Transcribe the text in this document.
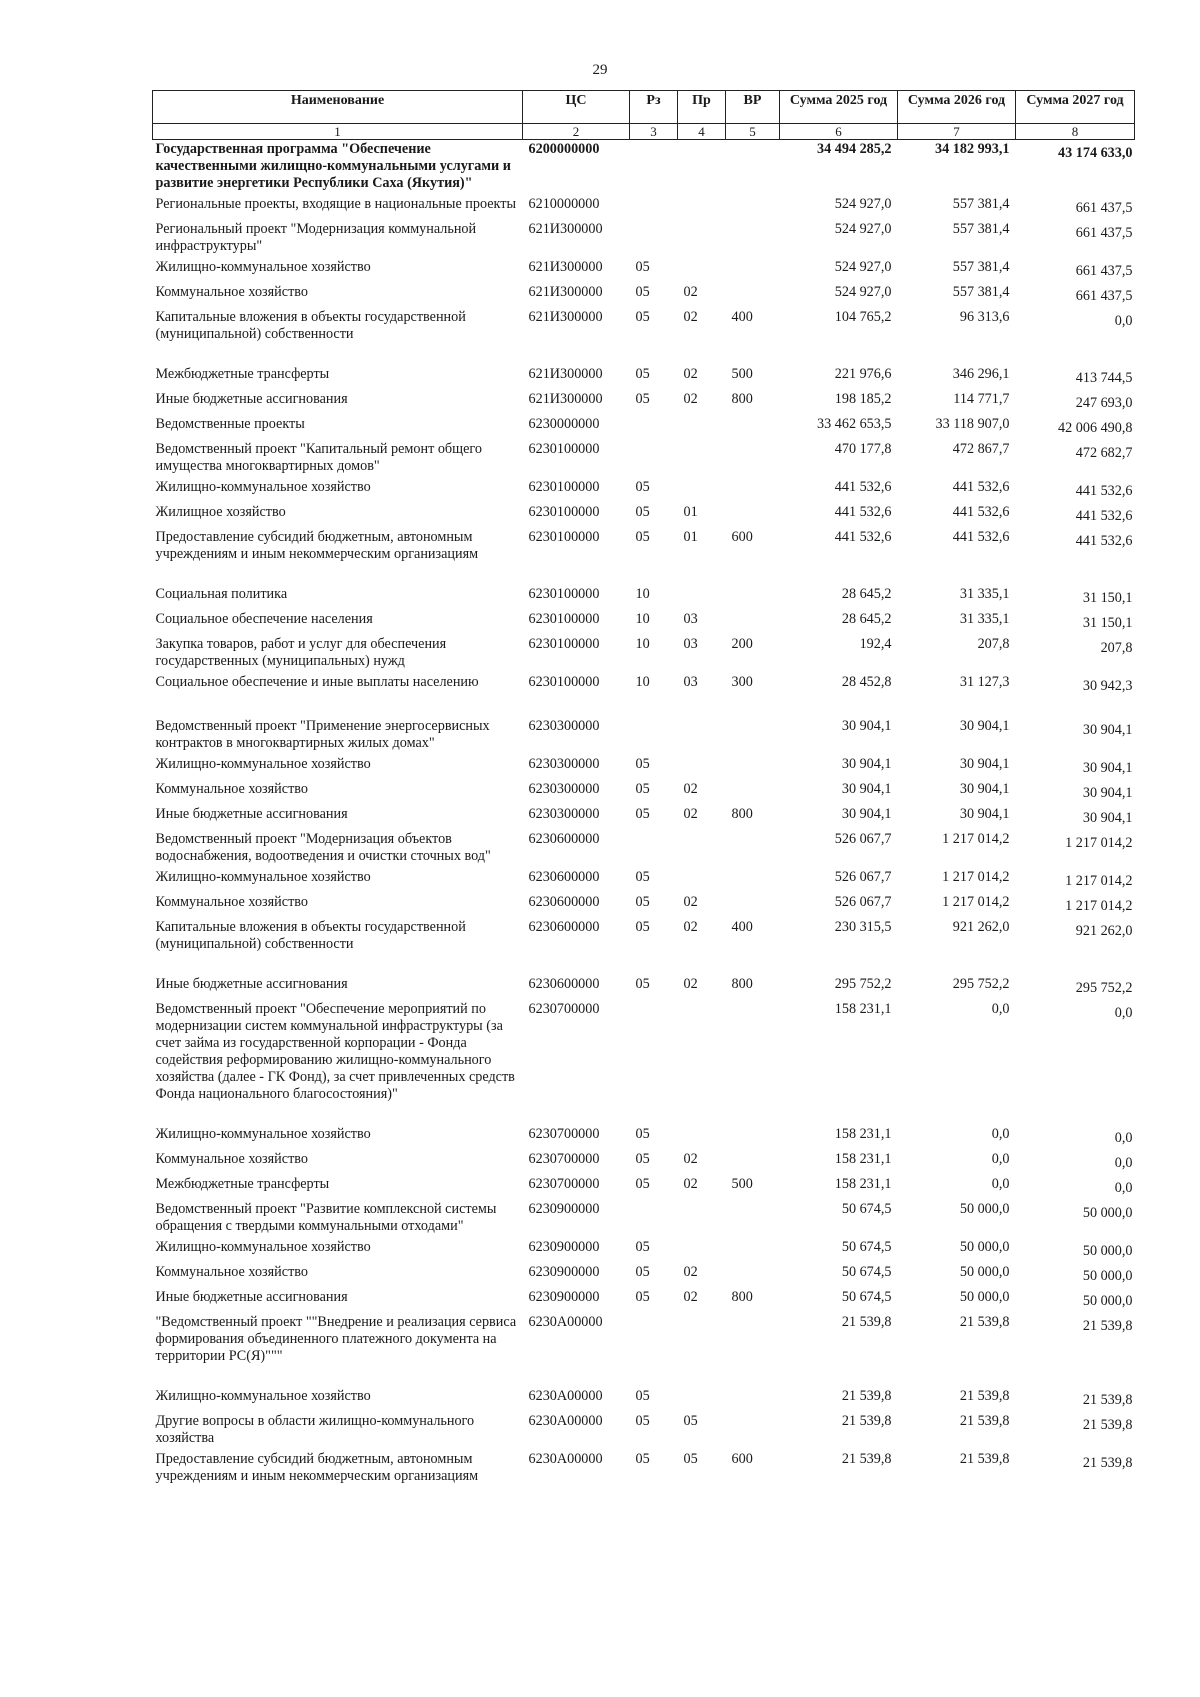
29
Наименование	ЦС	Рз	Пр	ВР	Сумма 2025 год	Сумма 2026 год	Сумма 2027 год
1	2	3	4	5	6	7	8
Государственная программа "Обеспечение качественными жилищно-коммунальными услугами и развитие энергетики Республики Саха (Якутия)"	6200000000				34 494 285,2	34 182 993,1	43 174 633,0
Региональные проекты, входящие в национальные проекты	6210000000				524 927,0	557 381,4	661 437,5
Региональный проект "Модернизация коммунальной инфраструктуры"	621И300000				524 927,0	557 381,4	661 437,5
Жилищно-коммунальное хозяйство	621И300000	05			524 927,0	557 381,4	661 437,5
Коммунальное хозяйство	621И300000	05	02		524 927,0	557 381,4	661 437,5
Капитальные вложения в объекты государственной (муниципальной) собственности	621И300000	05	02	400	104 765,2	96 313,6	0,0
Межбюджетные трансферты	621И300000	05	02	500	221 976,6	346 296,1	413 744,5
Иные бюджетные ассигнования	621И300000	05	02	800	198 185,2	114 771,7	247 693,0
Ведомственные проекты	6230000000				33 462 653,5	33 118 907,0	42 006 490,8
Ведомственный проект "Капитальный ремонт общего имущества многоквартирных домов"	6230100000				470 177,8	472 867,7	472 682,7
Жилищно-коммунальное хозяйство	6230100000	05			441 532,6	441 532,6	441 532,6
Жилищное хозяйство	6230100000	05	01		441 532,6	441 532,6	441 532,6
Предоставление субсидий бюджетным, автономным учреждениям и иным некоммерческим организациям	6230100000	05	01	600	441 532,6	441 532,6	441 532,6
Социальная политика	6230100000	10			28 645,2	31 335,1	31 150,1
Социальное обеспечение населения	6230100000	10	03		28 645,2	31 335,1	31 150,1
Закупка товаров, работ и услуг для обеспечения государственных (муниципальных) нужд	6230100000	10	03	200	192,4	207,8	207,8
Социальное обеспечение и иные выплаты населению	6230100000	10	03	300	28 452,8	31 127,3	30 942,3
Ведомственный проект "Применение энергосервисных контрактов в многоквартирных жилых домах"	6230300000				30 904,1	30 904,1	30 904,1
Жилищно-коммунальное хозяйство	6230300000	05			30 904,1	30 904,1	30 904,1
Коммунальное хозяйство	6230300000	05	02		30 904,1	30 904,1	30 904,1
Иные бюджетные ассигнования	6230300000	05	02	800	30 904,1	30 904,1	30 904,1
Ведомственный проект "Модернизация объектов водоснабжения, водоотведения и очистки сточных вод"	6230600000				526 067,7	1 217 014,2	1 217 014,2
Жилищно-коммунальное хозяйство	6230600000	05			526 067,7	1 217 014,2	1 217 014,2
Коммунальное хозяйство	6230600000	05	02		526 067,7	1 217 014,2	1 217 014,2
Капитальные вложения в объекты государственной (муниципальной) собственности	6230600000	05	02	400	230 315,5	921 262,0	921 262,0
Иные бюджетные ассигнования	6230600000	05	02	800	295 752,2	295 752,2	295 752,2
Ведомственный проект "Обеспечение мероприятий по модернизации систем коммунальной инфраструктуры (за счет займа из государственной корпорации - Фонда содействия реформированию жилищно-коммунального хозяйства (далее - ГК Фонд), за счет привлеченных средств Фонда национального благосостояния)"	6230700000				158 231,1	0,0	0,0
Жилищно-коммунальное хозяйство	6230700000	05			158 231,1	0,0	0,0
Коммунальное хозяйство	6230700000	05	02		158 231,1	0,0	0,0
Межбюджетные трансферты	6230700000	05	02	500	158 231,1	0,0	0,0
Ведомственный проект "Развитие комплексной системы обращения с твердыми коммунальными отходами"	6230900000				50 674,5	50 000,0	50 000,0
Жилищно-коммунальное хозяйство	6230900000	05			50 674,5	50 000,0	50 000,0
Коммунальное хозяйство	6230900000	05	02		50 674,5	50 000,0	50 000,0
Иные бюджетные ассигнования	6230900000	05	02	800	50 674,5	50 000,0	50 000,0
"Ведомственный проект ""Внедрение и реализация сервиса формирования объединенного платежного документа на территории РС(Я)"""	6230A00000				21 539,8	21 539,8	21 539,8
Жилищно-коммунальное хозяйство	6230A00000	05			21 539,8	21 539,8	21 539,8
Другие вопросы в области жилищно-коммунального хозяйства	6230A00000	05	05		21 539,8	21 539,8	21 539,8
Предоставление субсидий бюджетным, автономным учреждениям и иным некоммерческим организациям	6230A00000	05	05	600	21 539,8	21 539,8	21 539,8
